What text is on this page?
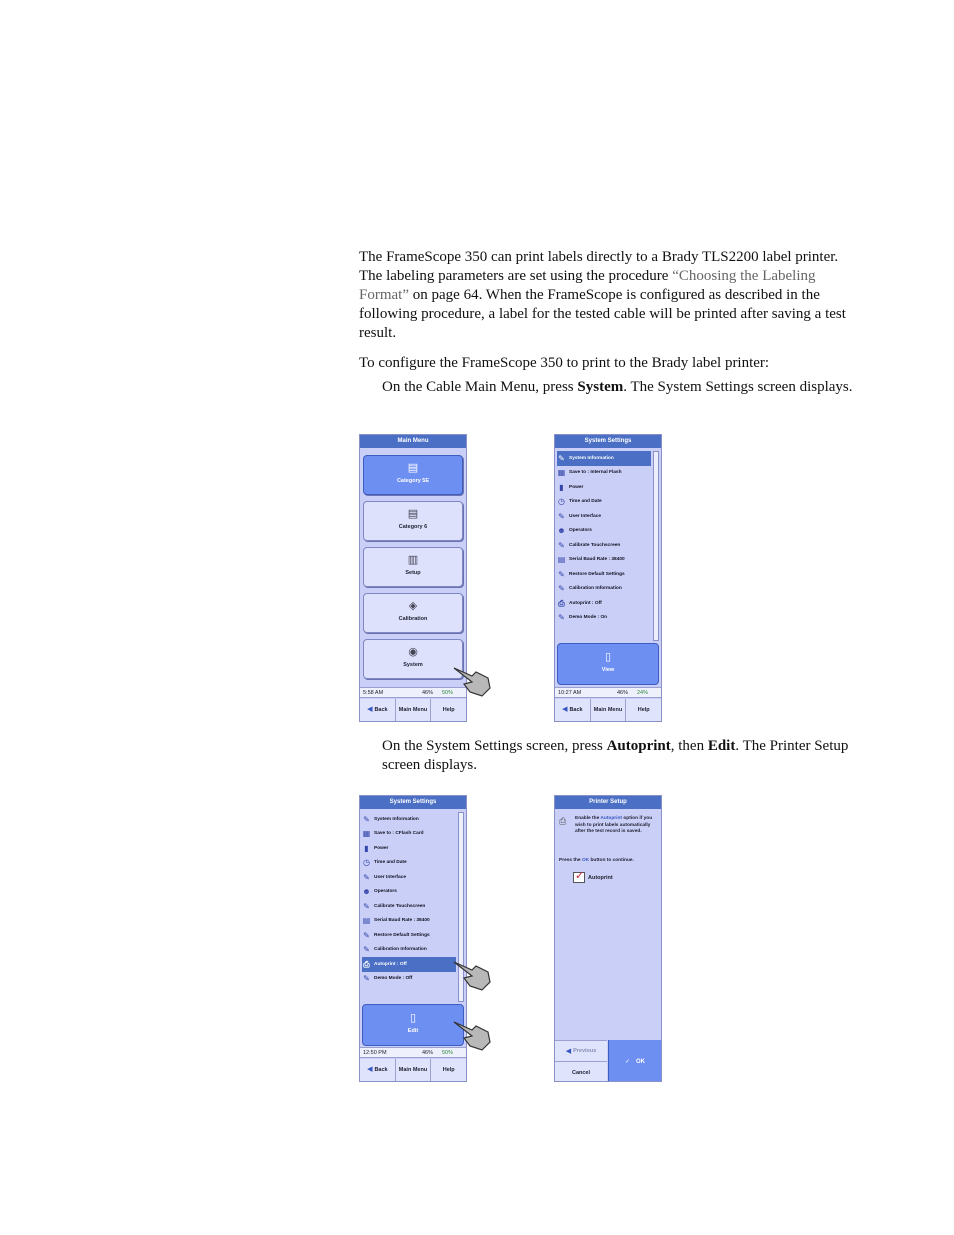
The FrameScope 350 can print labels directly to a Brady TLS2200 label printer. The labeling parameters are set using the procedure “Choosing the Labeling Format” on page 64. When the FrameScope is configured as described in the following procedure, a label for the tested cable will be printed after saving a test result.

To configure the FrameScope 350 to print to the Brady label printer:

On the Cable Main Menu, press System. The System Settings screen displays.

Main Menu
▤
Category 5E
▤
Category 6
▥
Setup
◈
Calibration
◉
System
5:58 AM	46% 50%
◀ Back	Main Menu	Help
System Settings
✎ System Information
▦ Save to : Internal Flash
▮	Power
◷ Time and Date
✎ User Interface
☻ Operators
✎ Calibrate Touchscreen
▤ Serial Baud Rate : 38400
✎ Restore Default Settings
✎ Calibration Information
⎙ Autoprint : Off
✎ Demo Mode : On
▯
View
10:27 AM	46% 24%
◀ Back	Main Menu	Help

On the System Settings screen, press Autoprint, then Edit. The Printer Setup screen displays.

System Settings
✎ System Information
▦ Save to : CFlash Card
▮	Power
◷ Time and Date
✎ User Interface
☻ Operators
✎ Calibrate Touchscreen
▤ Serial Baud Rate : 38400
✎ Restore Default Settings
✎ Calibration Information
⎙ Autoprint : Off
✎ Demo Mode : Off
▯
Edit
12:50 PM	46% 50%
◀ Back	Main Menu	Help
Printer Setup
Enable the Autoprint option if you wish to print labels automatically after the test record is saved.
⎙
Press the OK button to continue.
✓ Autoprint
◀ Previous
Cancel
✓ OK
